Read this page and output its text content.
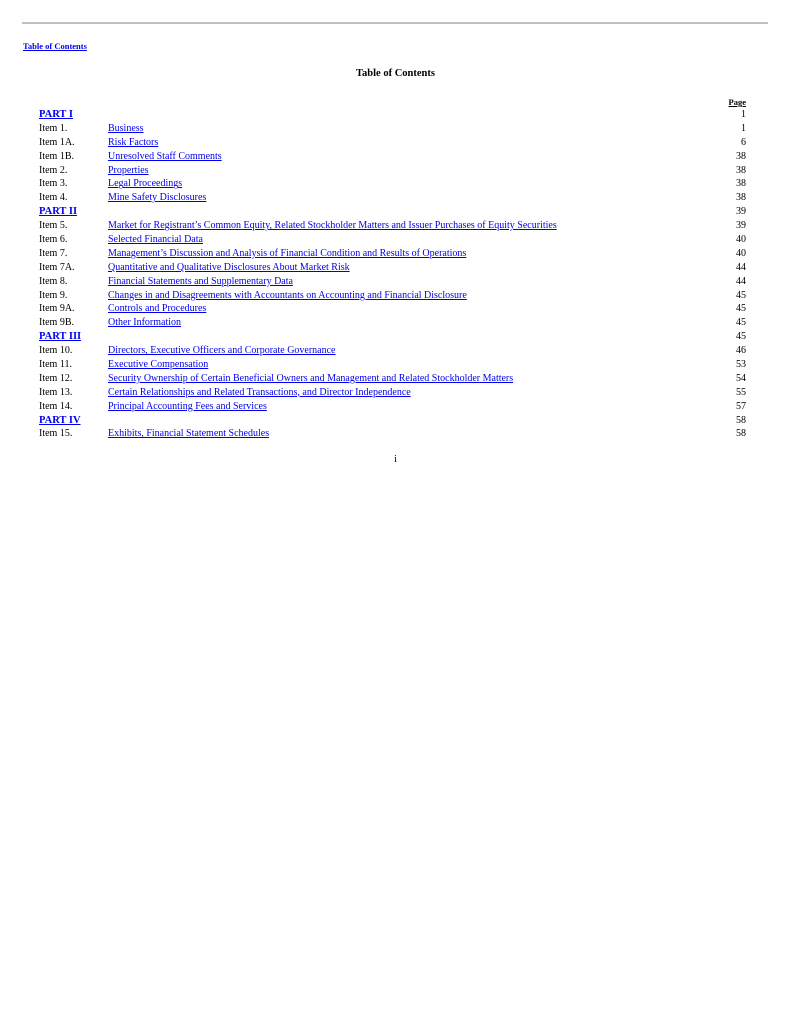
Table of Contents
Table of Contents
Page
PART I	1
Item 1.	Business	1
Item 1A.	Risk Factors	6
Item 1B.	Unresolved Staff Comments	38
Item 2.	Properties	38
Item 3.	Legal Proceedings	38
Item 4.	Mine Safety Disclosures	38
PART II	39
Item 5.	Market for Registrant’s Common Equity, Related Stockholder Matters and Issuer Purchases of Equity Securities	39
Item 6.	Selected Financial Data	40
Item 7.	Management’s Discussion and Analysis of Financial Condition and Results of Operations	40
Item 7A.	Quantitative and Qualitative Disclosures About Market Risk	44
Item 8.	Financial Statements and Supplementary Data	44
Item 9.	Changes in and Disagreements with Accountants on Accounting and Financial Disclosure	45
Item 9A.	Controls and Procedures	45
Item 9B.	Other Information	45
PART III	45
Item 10.	Directors, Executive Officers and Corporate Governance	46
Item 11.	Executive Compensation	53
Item 12.	Security Ownership of Certain Beneficial Owners and Management and Related Stockholder Matters	54
Item 13.	Certain Relationships and Related Transactions, and Director Independence	55
Item 14.	Principal Accounting Fees and Services	57
PART IV	58
Item 15.	Exhibits, Financial Statement Schedules	58
i
